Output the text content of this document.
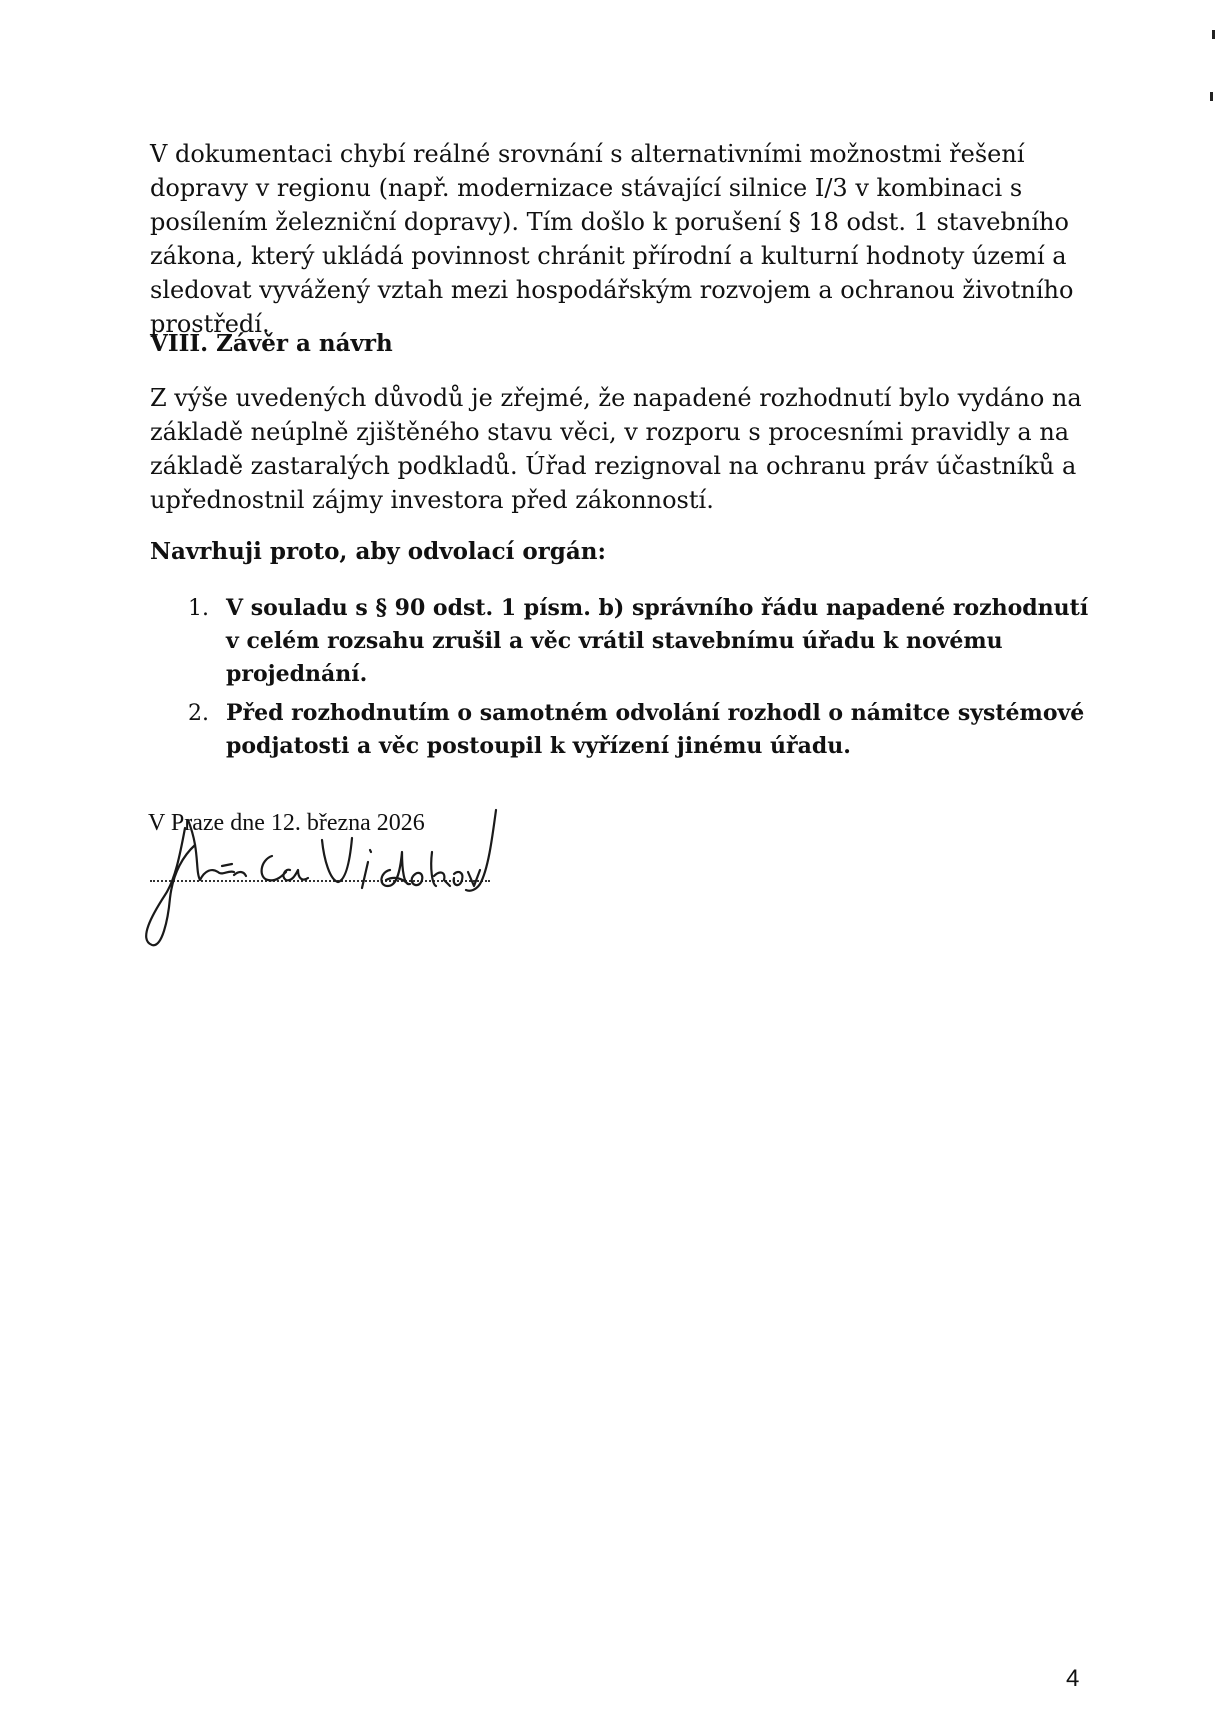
V dokumentaci chybí reálné srovnání s alternativními možnostmi řešení dopravy v regionu (např. modernizace stávající silnice I/3 v kombinaci s posílením železniční dopravy). Tím došlo k porušení § 18 odst. 1 stavebního zákona, který ukládá povinnost chránit přírodní a kulturní hodnoty území a sledovat vyvážený vztah mezi hospodářským rozvojem a ochranou životního prostředí.

VIII. Závěr a návrh

Z výše uvedených důvodů je zřejmé, že napadené rozhodnutí bylo vydáno na základě neúplně zjištěného stavu věci, v rozporu s procesními pravidly a na základě zastaralých podkladů. Úřad rezignoval na ochranu práv účastníků a upřednostnil zájmy investora před zákonností.

Navrhuji proto, aby odvolací orgán:

1. V souladu s § 90 odst. 1 písm. b) správního řádu napadené rozhodnutí v celém rozsahu zrušil a věc vrátil stavebnímu úřadu k novému projednání.
2. Před rozhodnutím o samotném odvolání rozhodl o námitce systémové podjatosti a věc postoupil k vyřízení jinému úřadu.
V Praze dne 12. března 2026
4
